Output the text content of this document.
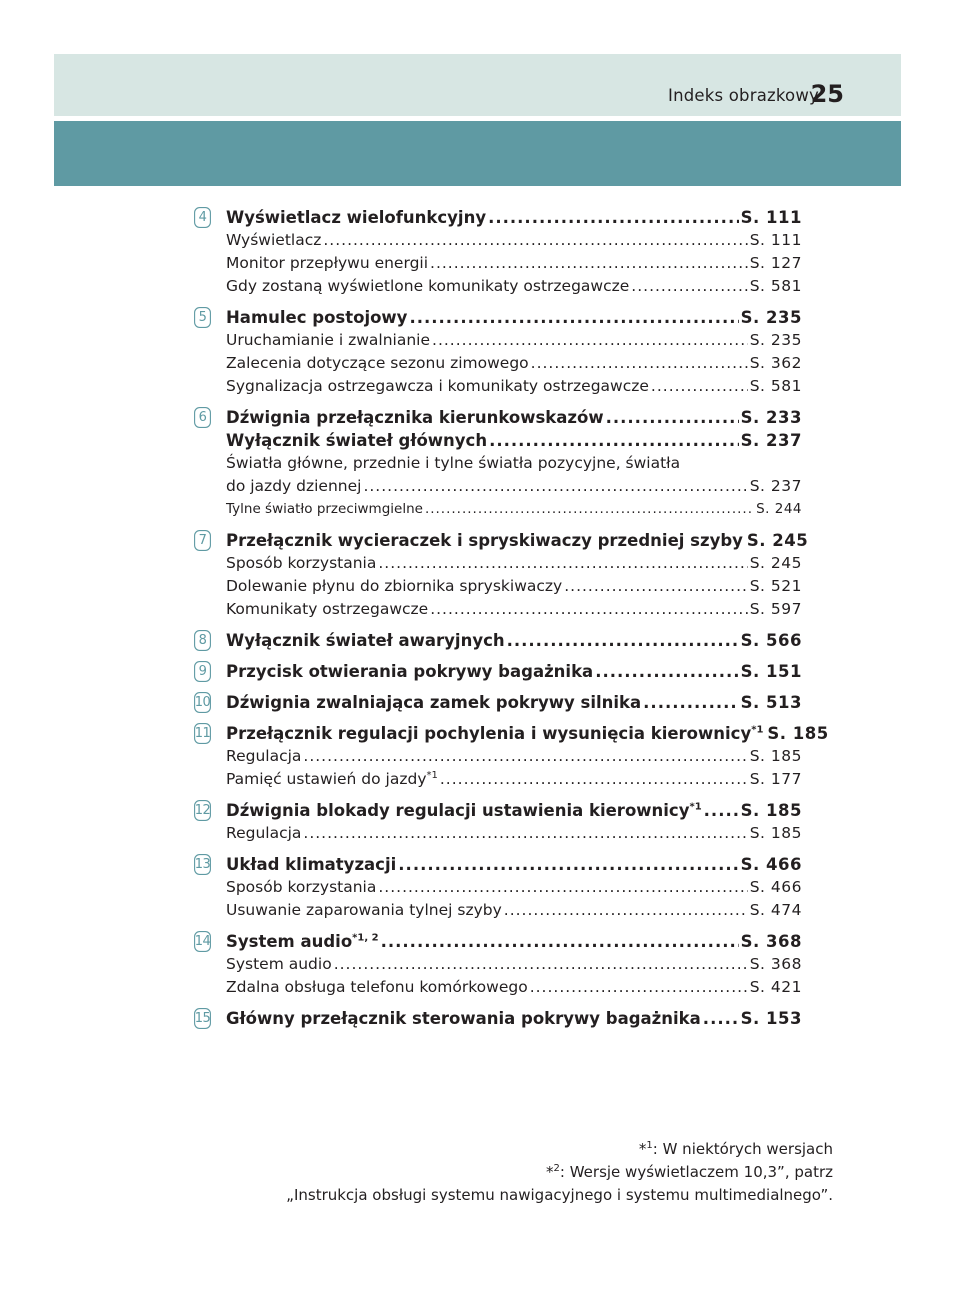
Indeks obrazkowy
25
4 Wyświetlacz wielofunkcyjny .....	S. 111
Wyświetlacz .....	S. 111
Monitor przepływu energii .....	S. 127
Gdy zostaną wyświetlone komunikaty ostrzegawcze .....	S. 581
5 Hamulec postojowy .....	S. 235
Uruchamianie i zwalnianie .....	S. 235
Zalecenia dotyczące sezonu zimowego .....	S. 362
Sygnalizacja ostrzegawcza i komunikaty ostrzegawcze .....	S. 581
6 Dźwignia przełącznika kierunkowskazów .....	S. 233
Wyłącznik świateł głównych .....	S. 237
Światła główne, przednie i tylne światła pozycyjne, światła
do jazdy dziennej .....	S. 237
Tylne światło przeciwmgielne .....	S. 244
7 Przełącznik wycieraczek i spryskiwaczy przedniej szyby S. 245
Sposób korzystania .....	S. 245
Dolewanie płynu do zbiornika spryskiwaczy .....	S. 521
Komunikaty ostrzegawcze .....	S. 597
8 Wyłącznik świateł awaryjnych .....	S. 566
9 Przycisk otwierania pokrywy bagażnika .....	S. 151
10 Dźwignia zwalniająca zamek pokrywy silnika .....	S. 513
11 Przełącznik regulacji pochylenia i wysunięcia kierownicy$^{*1}$ S. 185
Regulacja .....	S. 185
Pamięć ustawień do jazdy$^{*1}$ .....	S. 177
12 Dźwignia blokady regulacji ustawienia kierownicy$^{*1}$ ..... S. 185
Regulacja .....	S. 185
13 Układ klimatyzacji .....	S. 466
Sposób korzystania .....	S. 466
Usuwanie zaparowania tylnej szyby .....	S. 474
14 System audio$^{*1, 2}$ .....	S. 368
System audio .....	S. 368
Zdalna obsługa telefonu komórkowego .....	S. 421
15 Główny przełącznik sterowania pokrywy bagażnika ..... S. 153
*$^1$: W niektórych wersjach
*$^2$: Wersje wyświetlaczem 10,3”, patrz
„Instrukcja obsługi systemu nawigacyjnego i systemu multimedialnego”.
